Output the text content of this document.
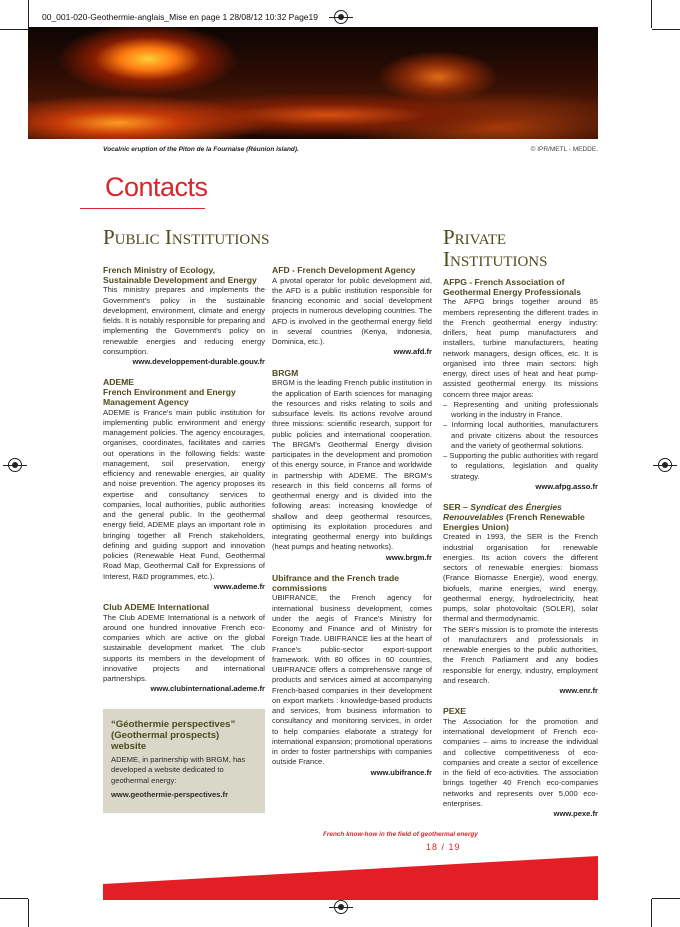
00_001-020-Geothermie-anglais_Mise en page 1 28/08/12 10:32 Page19
Vocalnic eruption of the Piton de la Fournaise (Réunion island).	© IPR/METL - MEDDE.
Contacts
Public Institutions	Private
Institutions
French Ministry of Ecology, Sustainable Development and Energy

This ministry prepares and implements the Government's policy in the sustainable development, environment, climate and energy fields. It is notably responsible for preparing and implementing the Government's policy on renewable energies and reducing energy consumption.

www.developpement-durable.gouv.fr

ADEME
French Environment and Energy Management Agency

ADEME is France's main public institution for implementing public environment and energy management policies. The agency encourages, organises, coordinates, facilitates and carries out operations in the following fields: waste management, soil preservation, energy efficiency and renewable energies, air quality and noise prevention. The agency proposes its expertise and consultancy services to companies, local authorities, public authorities and the general public. In the geothermal energy field, ADEME plays an important role in bringing together all French stakeholders, defining and guiding support and innovation policies (Renewable Heat Fund, Geothermal Road Map, Geothermal Call for Expressions of Interest, R&D programmes, etc.).

www.ademe.fr

Club ADEME International

The Club ADEME International is a network of around one hundred innovative French eco-companies which are active on the global sustainable development market. The club supports its members in the development of innovative projects and international partnerships.

www.clubinternational.ademe.fr

“Géothermie perspectives” (Geothermal prospects) website

ADEME, in partnership with BRGM, has developed a website dedicated to geothermal energy:

www.geothermie-perspectives.fr

AFD - French Development Agency

A pivotal operator for public development aid, the AFD is a public institution responsible for financing economic and social development projects in numerous developing countries. The AFD is involved in the geothermal energy field in several countries (Kenya, Indonesia, Dominica, etc.).

www.afd.fr

BRGM

BRGM is the leading French public institution in the application of Earth sciences for managing the resources and risks relating to soils and subsurface levels. Its actions revolve around three missions: scientific research, support for public policies and international cooperation. The BRGM's Geothermal Energy division participates in the development and promotion of this energy source, in France and worldwide in partnership with ADEME. The BRGM's research in this field concerns all forms of geothermal energy and is divided into the following areas: increasing knowledge of shallow and deep geothermal resources, optimising its exploitation procedures and integrating geothermal energy into buildings (heat pumps and heating networks).

www.brgm.fr

Ubifrance and the French trade commissions

UBIFRANCE, the French agency for international business development, comes under the aegis of France's Ministry for Economy and Finance and of Ministry for Foreign Trade. UBIFRANCE lies at the heart of France's public-sector export-support framework. With 80 offices in 60 countries, UBIFRANCE offers a comprehensive range of products and services aimed at accompanying French-based companies in their development on export markets : knowledge-based products and services, from business information to consultancy and monitoring services, in order to help companies elaborate a strategy for international expansion; promotional operations in order to foster partnerships with companies outside France.

www.ubifrance.fr

AFPG - French Association of Geothermal Energy Professionals

The AFPG brings together around 85 members representing the different trades in the French geothermal energy industry: drillers, heat pump manufacturers and installers, turbine manufacturers, heating network managers, design offices, etc. It is organised into three main sectors: high energy, direct uses of heat and heat pump-assisted geothermal energy. Its missions concern three major areas:

– Representing and uniting professionals working in the industry in France.
– Informing local authorities, manufacturers and private citizens about the resources and the variety of geothermal solutions.
– Supporting the public authorities with regard to regulations, legislation and quality strategy.

www.afpg.asso.fr

SER – Syndicat des Énergies Renouvelables (French Renewable Energies Union)

Created in 1993, the SER is the French industrial organisation for renewable energies. Its action covers the different sectors of renewable energies: biomass (France Biomasse Energie), wood energy, biofuels, marine energies, wind energy, geothermal energy, hydroelectricity, heat pumps, solar photovoltaic (SOLER), solar thermal and thermodynamic.

The SER's mission is to promote the interests of manufacturers and professionals in renewable energies to the public authorities, the French Parliament and any bodies responsible for energy, industry, employment and research.

www.enr.fr

PEXE

The Association for the promotion and international development of French eco-companies – aims to increase the individual and collective competitiveness of eco-companies and create a sector of excellence in the field of eco-activities. The association brings together 40 French eco-companies networks and represents over 5,000 eco-enterprises.

www.pexe.fr

French know-how in the field of geothermal energy
18 / 19
